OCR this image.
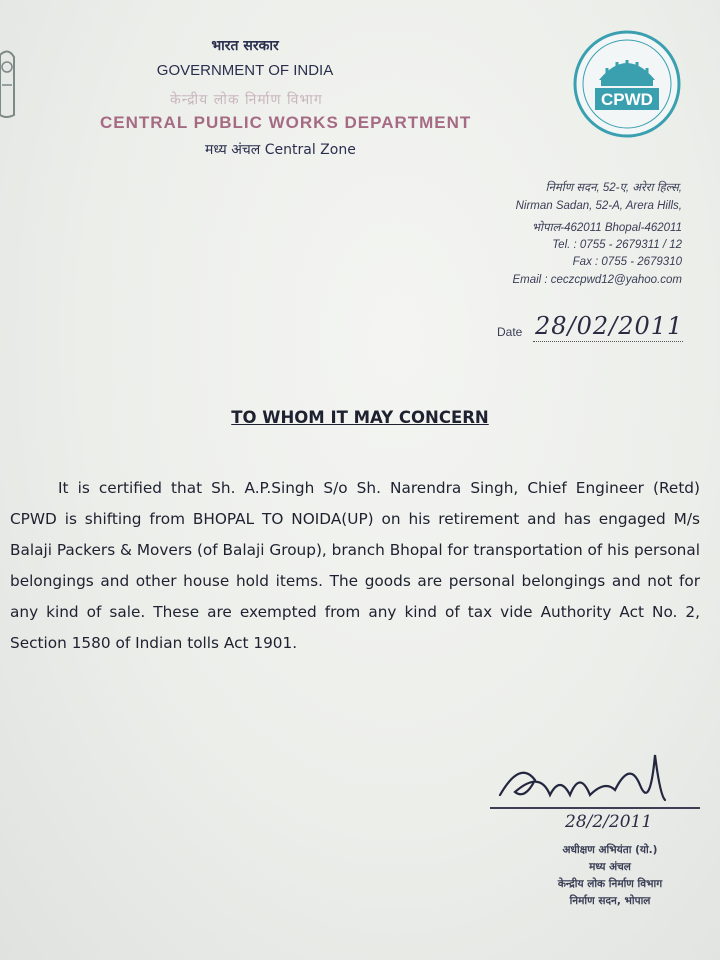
भारत सरकार
GOVERNMENT OF INDIA
केन्द्रीय लोक निर्माण विभाग
CENTRAL PUBLIC WORKS DEPARTMENT
मध्य अंचल Central Zone
CPWD
निर्माण सदन, 52-ए, अरेरा हिल्स,
Nirman Sadan, 52-A, Arera Hills,
भोपाल-462011 Bhopal-462011
Tel. : 0755 - 2679311 / 12
Fax : 0755 - 2679310
Email : ceczcpwd12@yahoo.com
Date 28/02/2011
TO WHOM IT MAY CONCERN

It is certified that Sh. A.P.Singh S/o Sh. Narendra Singh, Chief Engineer (Retd) CPWD is shifting from BHOPAL TO NOIDA(UP) on his retirement and has engaged M/s Balaji Packers & Movers (of Balaji Group), branch Bhopal for transportation of his personal belongings and other house hold items. The goods are personal belongings and not for any kind of sale. These are exempted from any kind of tax vide Authority Act No. 2, Section 1580 of Indian tolls Act 1901.

28/2/2011
अधीक्षण अभियंता (यो.)
मध्य अंचल
केन्द्रीय लोक निर्माण विभाग
निर्माण सदन, भोपाल
